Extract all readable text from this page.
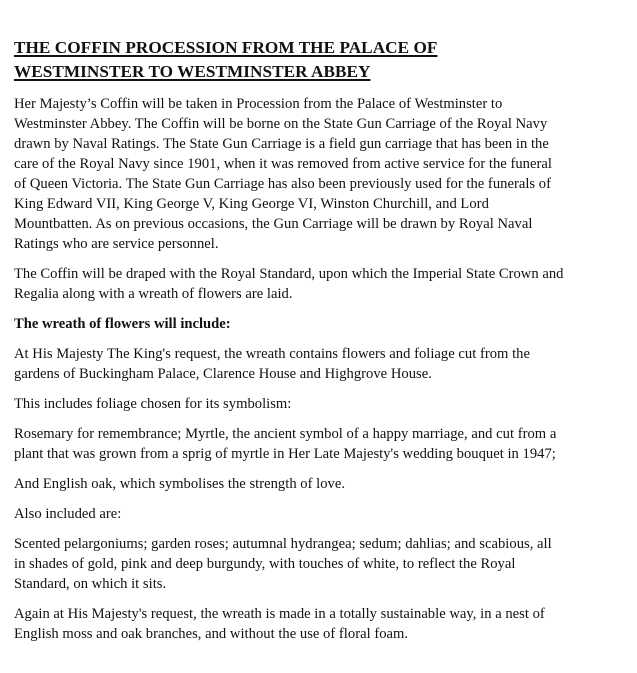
THE COFFIN PROCESSION FROM THE PALACE OF
WESTMINSTER TO WESTMINSTER ABBEY
Her Majesty’s Coffin will be taken in Procession from the Palace of Westminster to
Westminster Abbey. The Coffin will be borne on the State Gun Carriage of the Royal Navy
drawn by Naval Ratings. The State Gun Carriage is a field gun carriage that has been in the
care of the Royal Navy since 1901, when it was removed from active service for the funeral
of Queen Victoria. The State Gun Carriage has also been previously used for the funerals of
King Edward VII, King George V, King George VI, Winston Churchill, and Lord
Mountbatten. As on previous occasions, the Gun Carriage will be drawn by Royal Naval
Ratings who are service personnel.
The Coffin will be draped with the Royal Standard, upon which the Imperial State Crown and
Regalia along with a wreath of flowers are laid.
The wreath of flowers will include:
At His Majesty The King's request, the wreath contains flowers and foliage cut from the
gardens of Buckingham Palace, Clarence House and Highgrove House.
This includes foliage chosen for its symbolism:
Rosemary for remembrance; Myrtle, the ancient symbol of a happy marriage, and cut from a
plant that was grown from a sprig of myrtle in Her Late Majesty's wedding bouquet in 1947;
And English oak, which symbolises the strength of love.
Also included are:
Scented pelargoniums; garden roses; autumnal hydrangea; sedum; dahlias; and scabious, all
in shades of gold, pink and deep burgundy, with touches of white, to reflect the Royal
Standard, on which it sits.
Again at His Majesty's request, the wreath is made in a totally sustainable way, in a nest of
English moss and oak branches, and without the use of floral foam.
